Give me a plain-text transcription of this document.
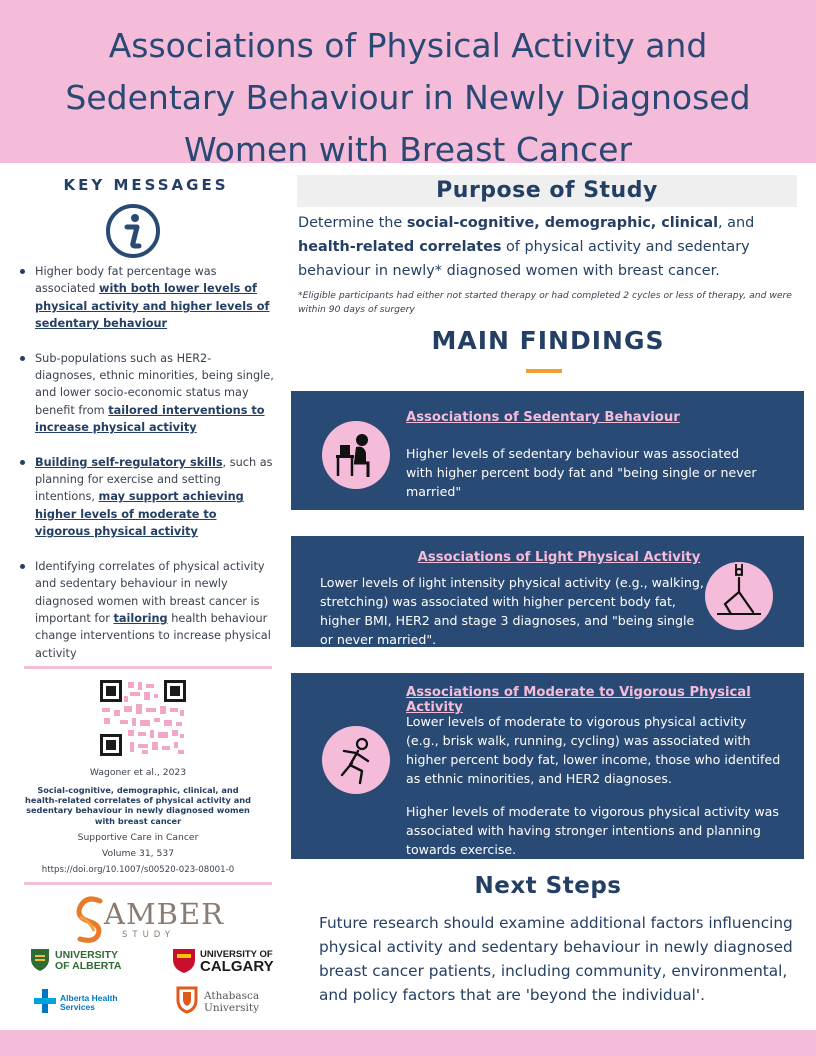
Associations of Physical Activity and Sedentary Behaviour in Newly Diagnosed Women with Breast Cancer
KEY MESSAGES
Higher body fat percentage was associated with both lower levels of physical activity and higher levels of sedentary behaviour
Sub-populations such as HER2- diagnoses, ethnic minorities, being single, and lower socio-economic status may benefit from tailored interventions to increase physical activity
Building self-regulatory skills, such as planning for exercise and setting intentions, may support achieving higher levels of moderate to vigorous physical activity
Identifying correlates of physical activity and sedentary behaviour in newly diagnosed women with breast cancer is important for tailoring health behaviour change interventions to increase physical activity
Wagoner et al., 2023
Social-cognitive, demographic, clinical, and health-related correlates of physical activity and sedentary behaviour in newly diagnosed women with breast cancer
Supportive Care in Cancer
Volume 31, 537
https://doi.org/10.1007/s00520-023-08001-0
AMBER
STUDY
UNIVERSITY
OF ALBERTA
UNIVERSITY OF
CALGARY
Alberta Health
Services
Athabasca
University
Purpose of Study
Determine the social-cognitive, demographic, clinical, and health-related correlates of physical activity and sedentary behaviour in newly* diagnosed women with breast cancer.
*Eligible participants had either not started therapy or had completed 2 cycles or less of therapy, and were within 90 days of surgery
MAIN FINDINGS
Associations of Sedentary Behaviour
Higher levels of sedentary behaviour was associated with higher percent body fat and "being single or never married"
Associations of Light Physical Activity
Lower levels of light intensity physical activity (e.g., walking, stretching) was associated with higher percent body fat, higher BMI, HER2 and stage 3 diagnoses, and "being single or never married".
Associations of Moderate to Vigorous Physical Activity
Lower levels of moderate to vigorous physical activity (e.g., brisk walk, running, cycling) was associated with higher percent body fat, lower income, those who identifed as ethnic minorities, and HER2 diagnoses.
Higher levels of moderate to vigorous physical activity was associated with having stronger intentions and planning towards exercise.
Next Steps
Future research should examine additional factors influencing physical activity and sedentary behaviour in newly diagnosed breast cancer patients, including community, environmental, and policy factors that are 'beyond the individual'.
